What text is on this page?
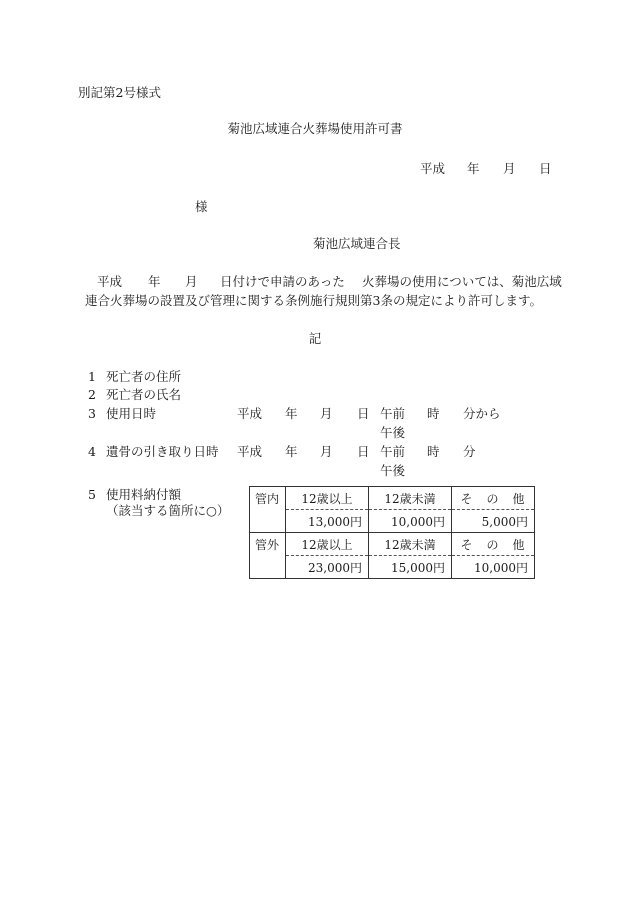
別記第2号様式
菊池広域連合火葬場使用許可書
平成 年 月 日
様
菊池広域連合長
平成 年 月 日付けで申請のあった 火葬場の使用については、菊池広域
連合火葬場の設置及び管理に関する条例施行規則第3条の規定により許可します。
記
1 死亡者の住所
2 死亡者の氏名
3 使用日時	平成 年 月 日 午前 時 分から
午後
4 遺骨の引き取り日時 平成 年 月 日 午前 時 分
午後
5 使用料納付額
（該当する箇所に○）
管内	12歳以上	12歳未満	そ　の　他
	13,000円	10,000円	5,000円
管外	12歳以上	12歳未満	そ　の　他
	23,000円	15,000円	10,000円
